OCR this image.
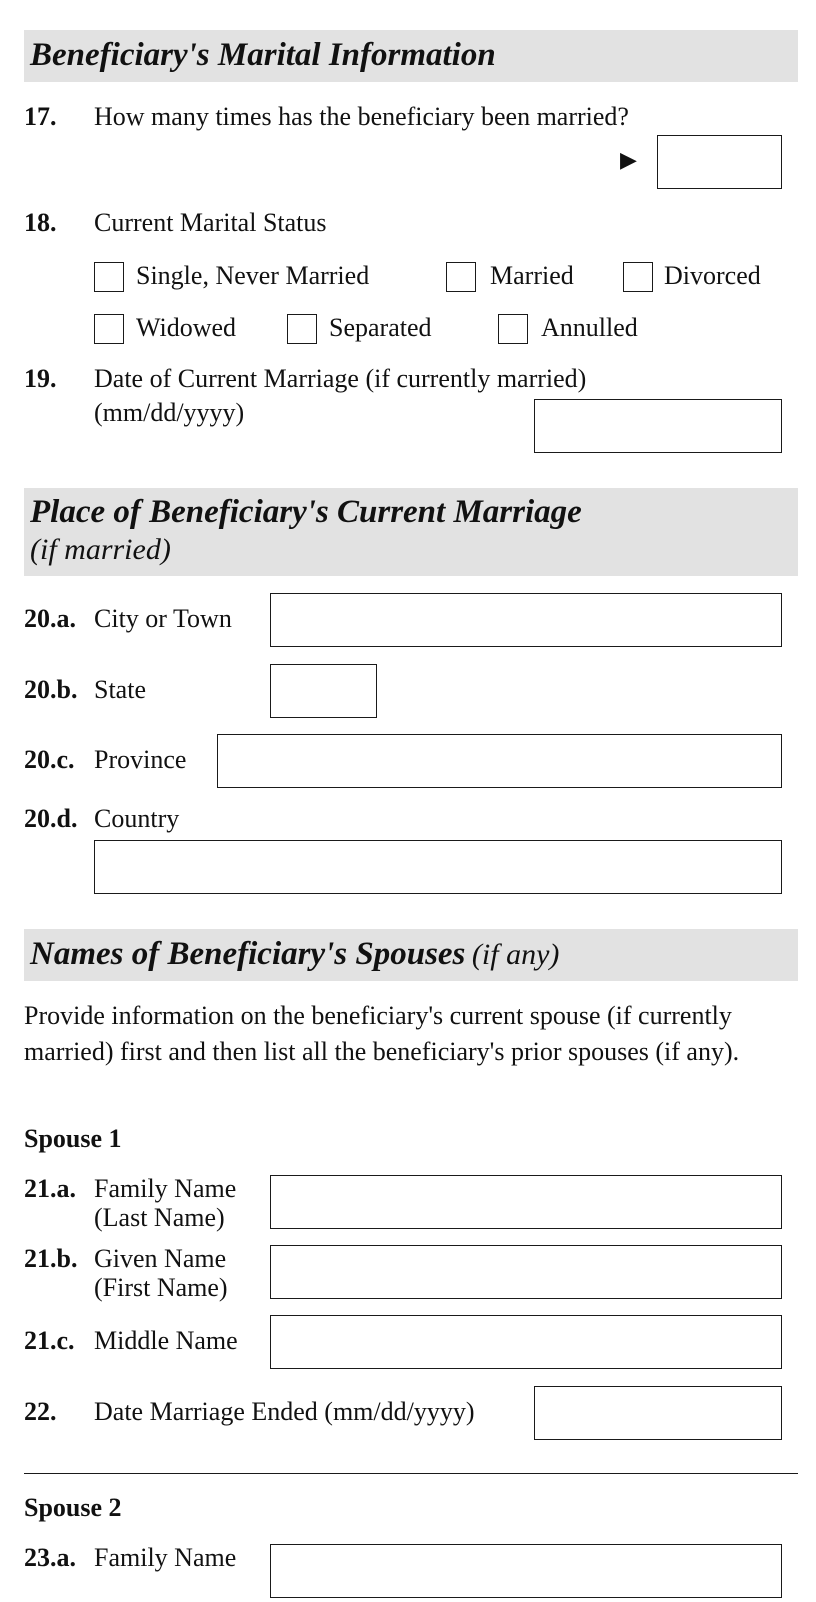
Beneficiary's Marital Information
17. How many times has the beneficiary been married?
▶
18. Current Marital Status
Single, Never Married	Married	Divorced
Widowed	Separated	Annulled
19. Date of Current Marriage (if currently married)
(mm/dd/yyyy)
Place of Beneficiary's Current Marriage
(if married)
20.a. City or Town
20.b. State
20.c. Province
20.d. Country
Names of Beneficiary's Spouses (if any)
Provide information on the beneficiary's current spouse (if currently married) first and then list all the beneficiary's prior spouses (if any).
Spouse 1
21.a. Family Name
(Last Name)
21.b. Given Name
(First Name)
21.c. Middle Name
22. Date Marriage Ended (mm/dd/yyyy)
Spouse 2
23.a. Family Name
